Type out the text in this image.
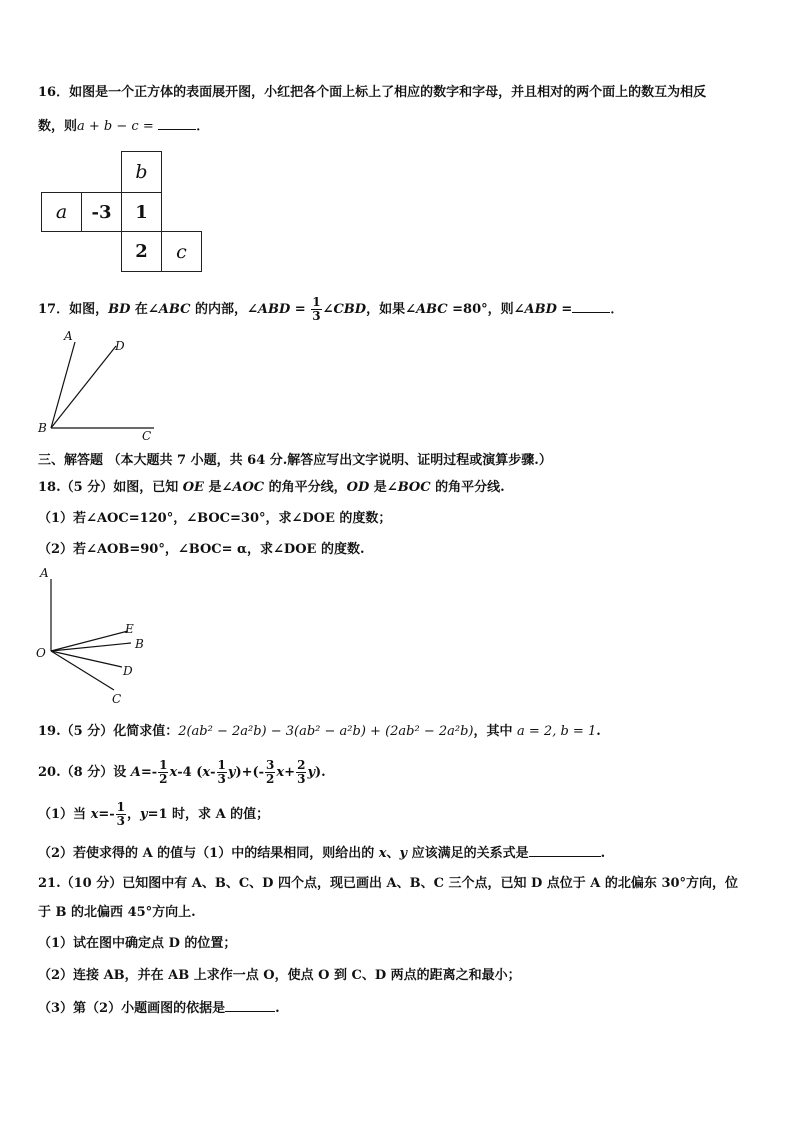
16．如图是一个正方体的表面展开图，小红把各个面上标上了相应的数字和字母，并且相对的两个面上的数互为相反
数，则a + b − c =	．
b
a	-3	1
2	c
17．如图，BD 在∠ABC 的内部，∠ABD = $\frac{1}{3}$ ∠CBD，如果∠ABC =80°，则∠ABD =	．
A
D
B
C
三、解答题 （本大题共 7 小题，共 64 分.解答应写出文字说明、证明过程或演算步骤.）
18.（5 分）如图，已知 OE 是∠AOC 的角平分线，OD 是∠BOC 的角平分线.
（1）若∠AOC=120°，∠BOC=30°，求∠DOE 的度数；
（2）若∠AOB=90°，∠BOC= α，求∠DOE 的度数.
A
E
B
O
D
C
19.（5 分）化简求值：2(ab² − 2a²b) − 3(ab² − a²b) + (2ab² − 2a²b)，其中 a = 2, b = 1.
20.（8 分）设 $A=- \frac{1}{2} x-4$ $(x- \frac{1}{3} y)+(- \frac{3}{2} x+ \frac{2}{3} y)$.
（1）当 $x=- \frac{1}{3}$ ，y=1 时，求 A 的值；
（2）若使求得的 A 的值与（1）中的结果相同，则给出的 x、y 应该满足的关系式是	.
21.（10 分）已知图中有 A、B、C、D 四个点，现已画出 A、B、C 三个点，已知 D 点位于 A 的北偏东 30°方向，位
于 B 的北偏西 45°方向上.
（1）试在图中确定点 D 的位置；
（2）连接 AB，并在 AB 上求作一点 O，使点 O 到 C、D 两点的距离之和最小；
（3）第（2）小题画图的依据是	.
